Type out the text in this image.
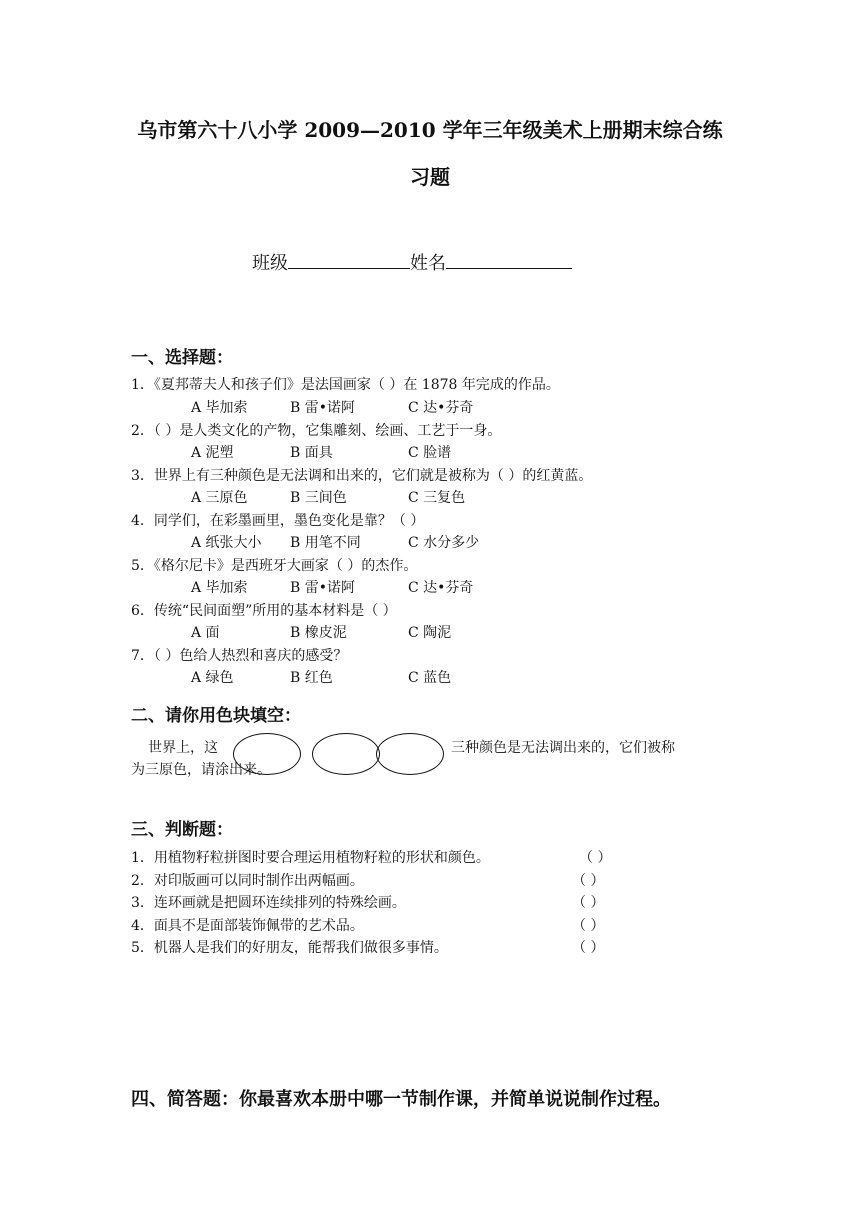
乌市第六十八小学 2009—2010 学年三年级美术上册期末综合练
习题
班级	姓名
一、选择题：
1．《夏邦蒂夫人和孩子们》是法国画家（ ）在 1878 年完成的作品。
A 毕加索	B 雷•诺阿	C 达•芬奇
2．（ ）是人类文化的产物，它集雕刻、绘画、工艺于一身。
A 泥塑	B 面具	C 脸谱
3．世界上有三种颜色是无法调和出来的，它们就是被称为（ ）的红黄蓝。
A 三原色	B 三间色	C 三复色
4．同学们，在彩墨画里，墨色变化是靠？（ ）
A 纸张大小 B 用笔不同	C 水分多少
5．《格尔尼卡》是西班牙大画家（ ）的杰作。
A 毕加索	B 雷•诺阿	C 达•芬奇
6．传统“民间面塑”所用的基本材料是（ ）
A 面	B 橡皮泥	C 陶泥
7．（ ）色给人热烈和喜庆的感受？
A 绿色	B 红色	C 蓝色
二、请你用色块填空：
世界上，这	三种颜色是无法调出来的，它们被称
为三原色，请涂出来。
三、判断题：
1．用植物籽粒拼图时要合理运用植物籽粒的形状和颜色。	（ ）
2．对印版画可以同时制作出两幅画。	（ ）
3．连环画就是把圆环连续排列的特殊绘画。	（ ）
4．面具不是面部装饰佩带的艺术品。	（ ）
5．机器人是我们的好朋友，能帮我们做很多事情。	（ ）
四、简答题：你最喜欢本册中哪一节制作课，并简单说说制作过程。
